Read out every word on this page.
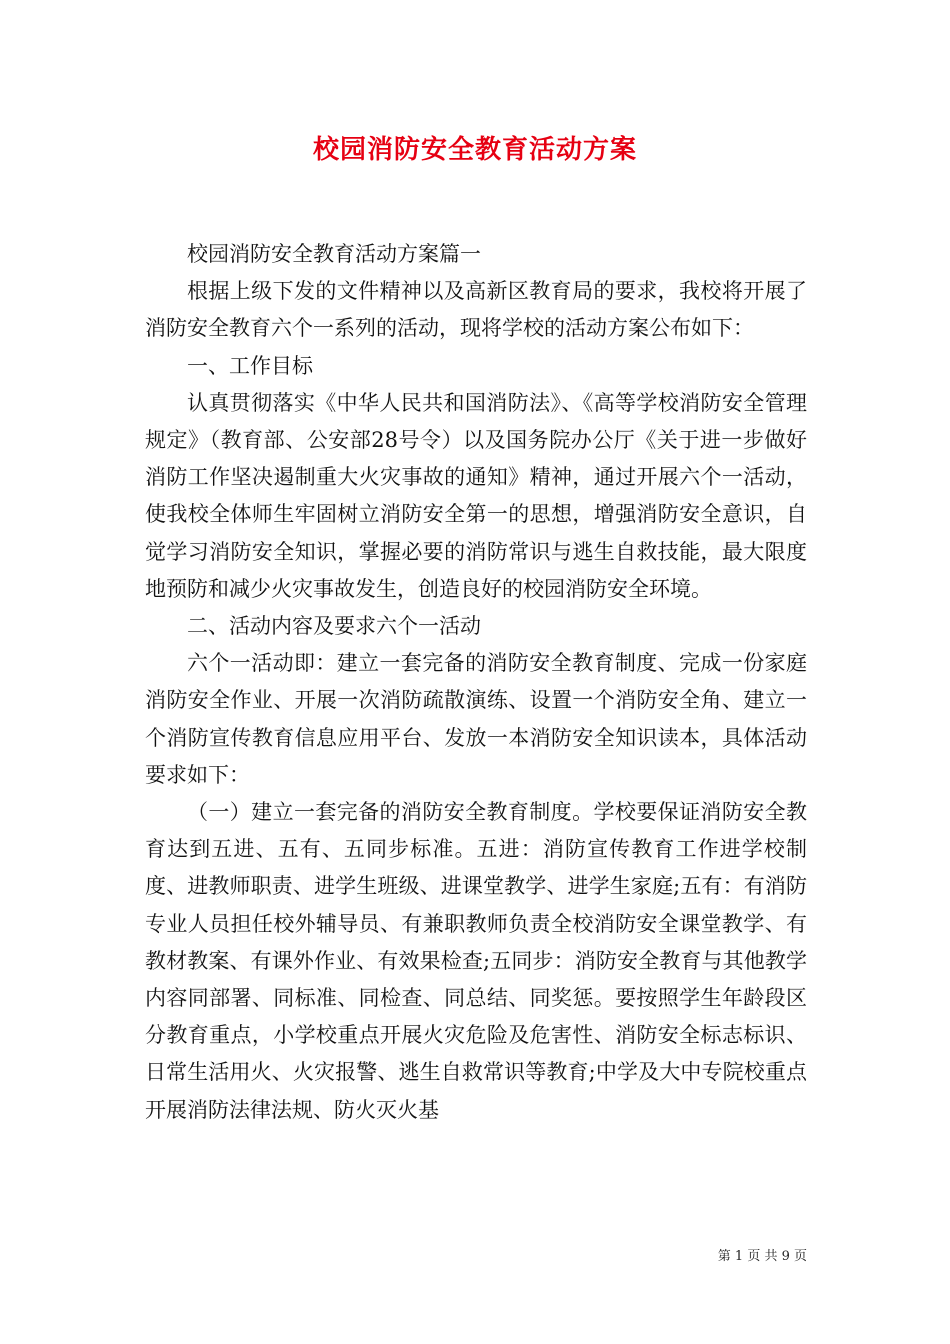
校园消防安全教育活动方案

校园消防安全教育活动方案篇一

根据上级下发的文件精神以及高新区教育局的要求，我校将开展了消防安全教育六个一系列的活动，现将学校的活动方案公布如下：

一、工作目标

认真贯彻落实《中华人民共和国消防法》、《高等学校消防安全管理规定》（教育部、公安部28号令）以及国务院办公厅《关于进一步做好消防工作坚决遏制重大火灾事故的通知》精神，通过开展六个一活动，使我校全体师生牢固树立消防安全第一的思想，增强消防安全意识，自觉学习消防安全知识，掌握必要的消防常识与逃生自救技能，最大限度地预防和减少火灾事故发生，创造良好的校园消防安全环境。

二、活动内容及要求六个一活动

六个一活动即：建立一套完备的消防安全教育制度、完成一份家庭消防安全作业、开展一次消防疏散演练、设置一个消防安全角、建立一个消防宣传教育信息应用平台、发放一本消防安全知识读本，具体活动要求如下：

（一）建立一套完备的消防安全教育制度。学校要保证消防安全教育达到五进、五有、五同步标准。五进：消防宣传教育工作进学校制度、进教师职责、进学生班级、进课堂教学、进学生家庭;五有：有消防专业人员担任校外辅导员、有兼职教师负责全校消防安全课堂教学、有教材教案、有课外作业、有效果检查;五同步：消防安全教育与其他教学内容同部署、同标准、同检查、同总结、同奖惩。要按照学生年龄段区分教育重点，小学校重点开展火灾危险及危害性、消防安全标志标识、日常生活用火、火灾报警、逃生自救常识等教育;中学及大中专院校重点开展消防法律法规、防火灭火基

第 1 页 共 9 页
